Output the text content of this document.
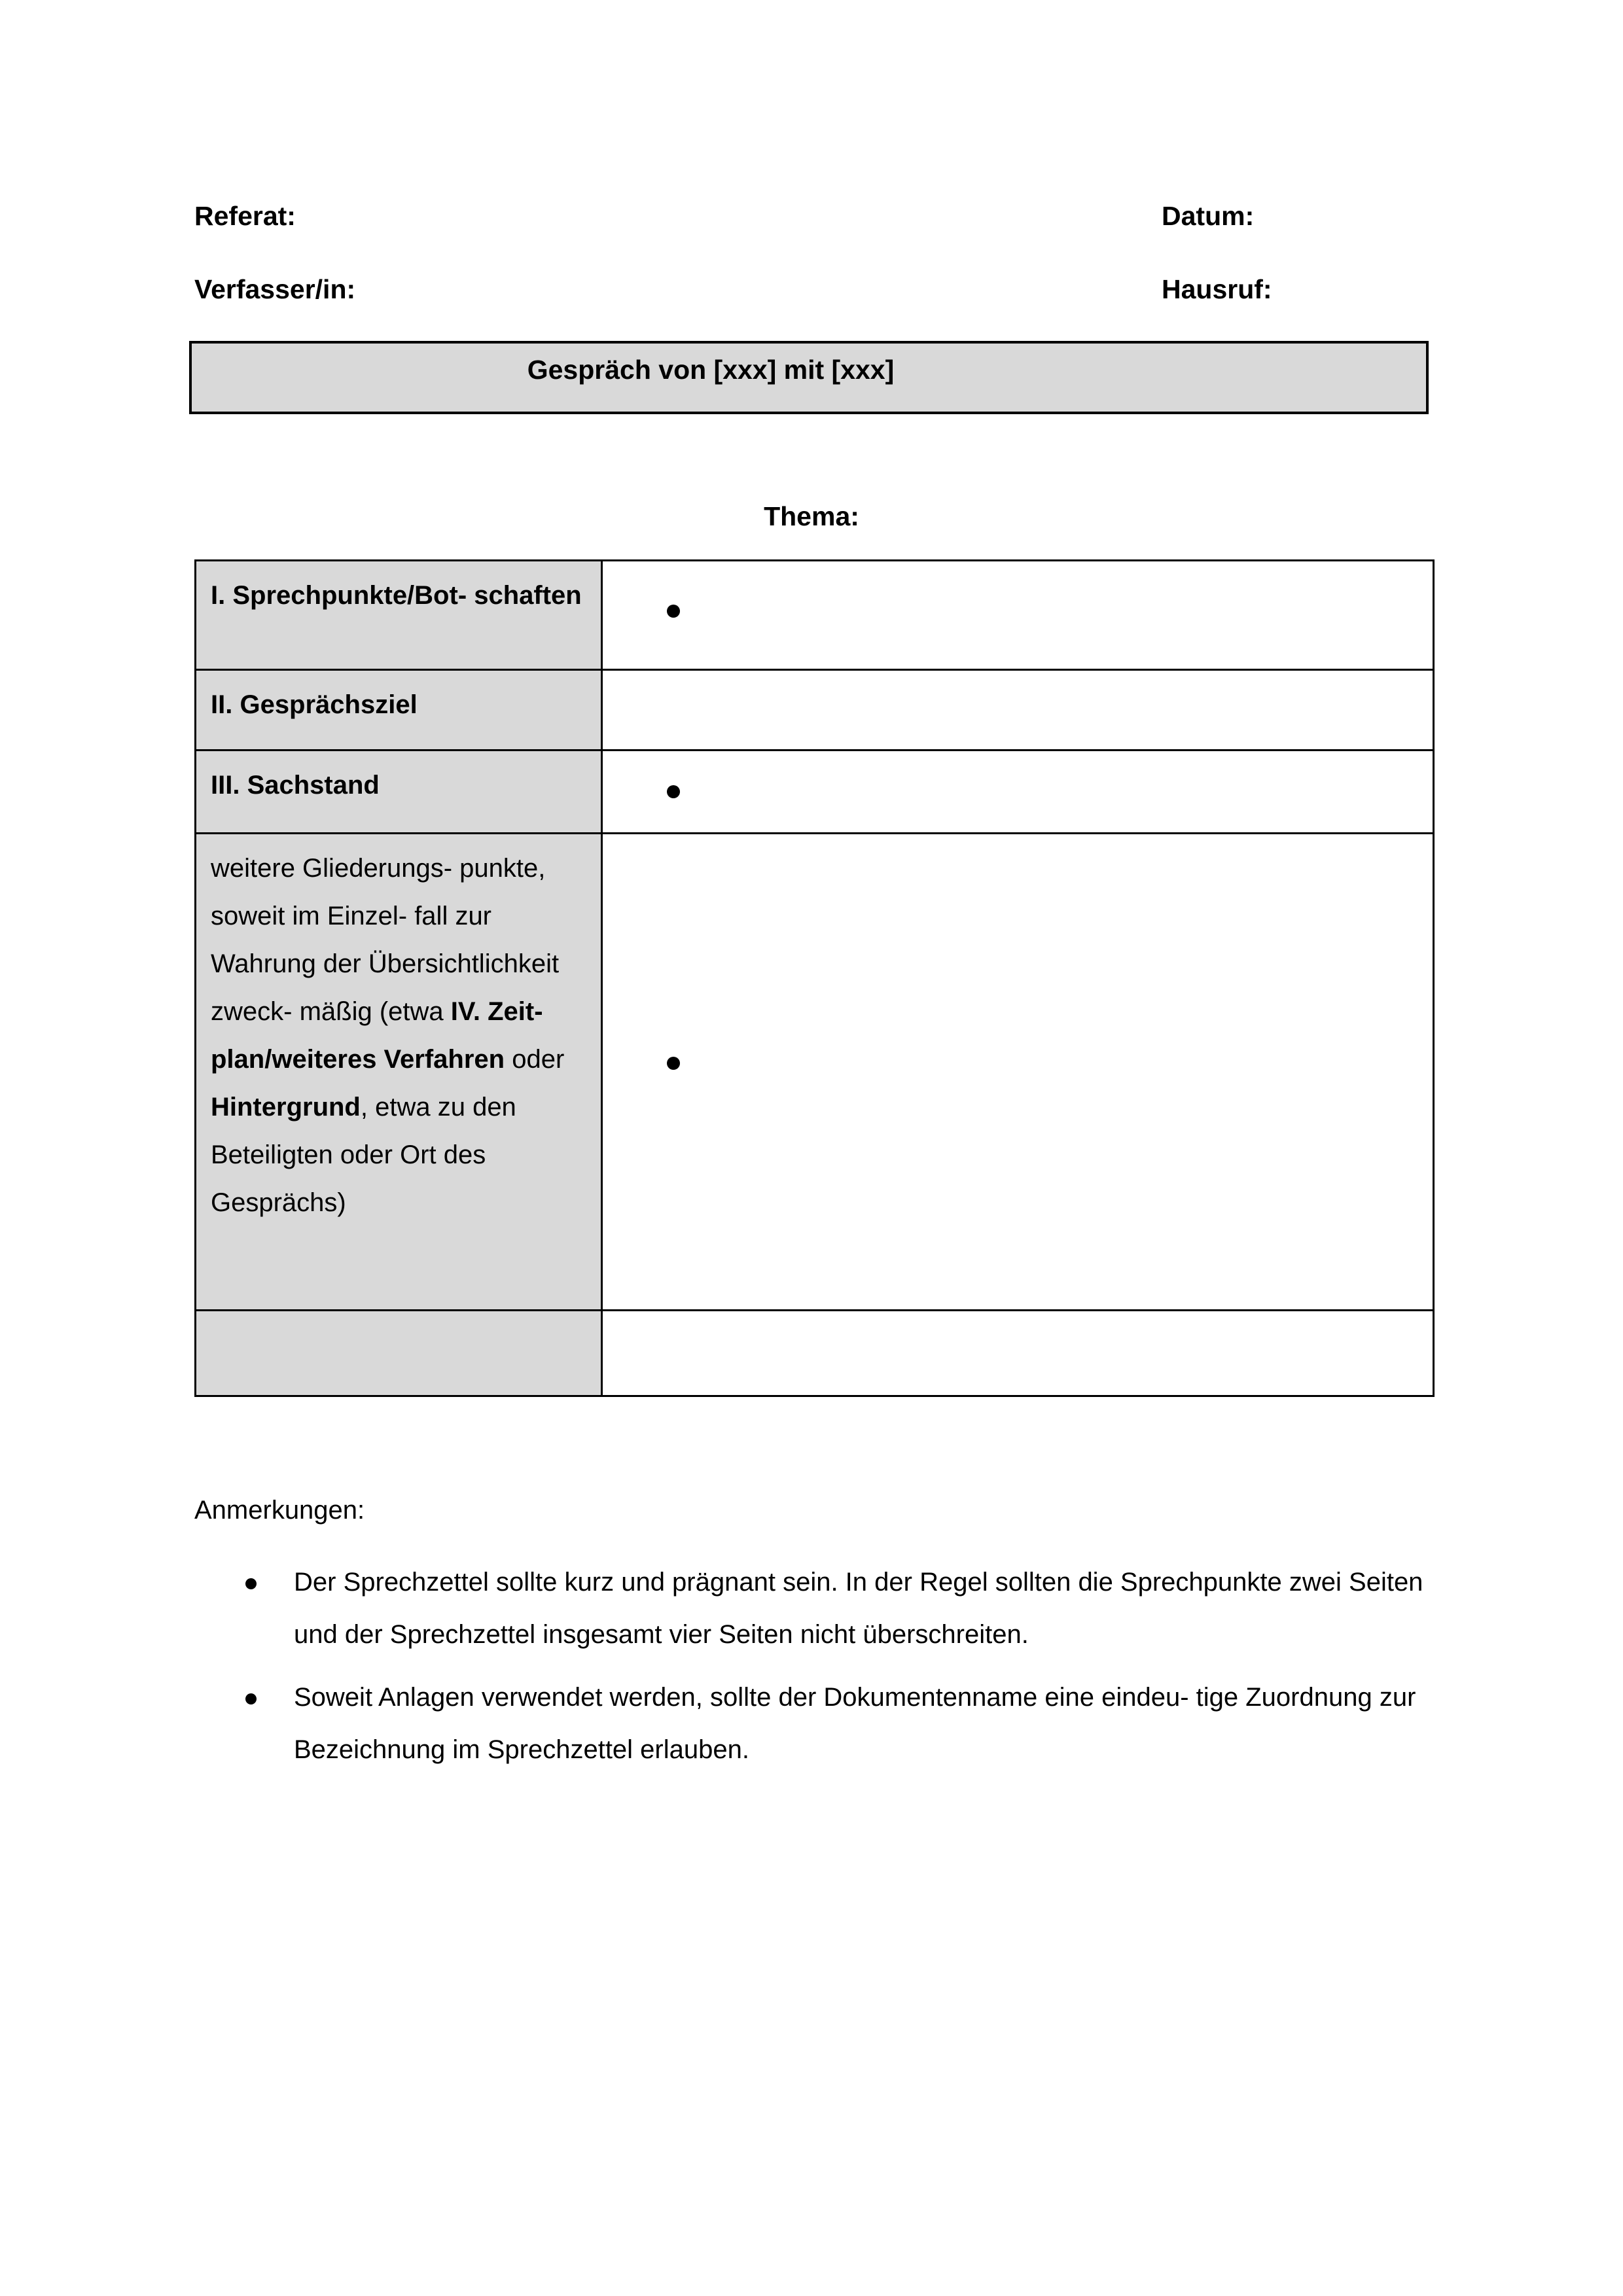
Referat:	Datum:
Verfasser/in:	Hausruf:
Gespräch von [xxx] mit [xxx]
Thema:
I. Sprechpunkte/Bot- schaften	

II. Gesprächsziel	

III. Sachstand	

weitere Gliederungs- punkte, soweit im Einzel- fall zur Wahrung der Übersichtlichkeit zweck- mäßig (etwa IV. Zeit- plan/weiteres Verfahren oder Hintergrund, etwa zu den Beteiligten oder Ort des Gesprächs)	

Anmerkungen:
Der Sprechzettel sollte kurz und prägnant sein. In der Regel sollten die Sprechpunkte zwei Seiten und der Sprechzettel insgesamt vier Seiten nicht überschreiten.
Soweit Anlagen verwendet werden, sollte der Dokumentenname eine eindeu- tige Zuordnung zur Bezeichnung im Sprechzettel erlauben.
